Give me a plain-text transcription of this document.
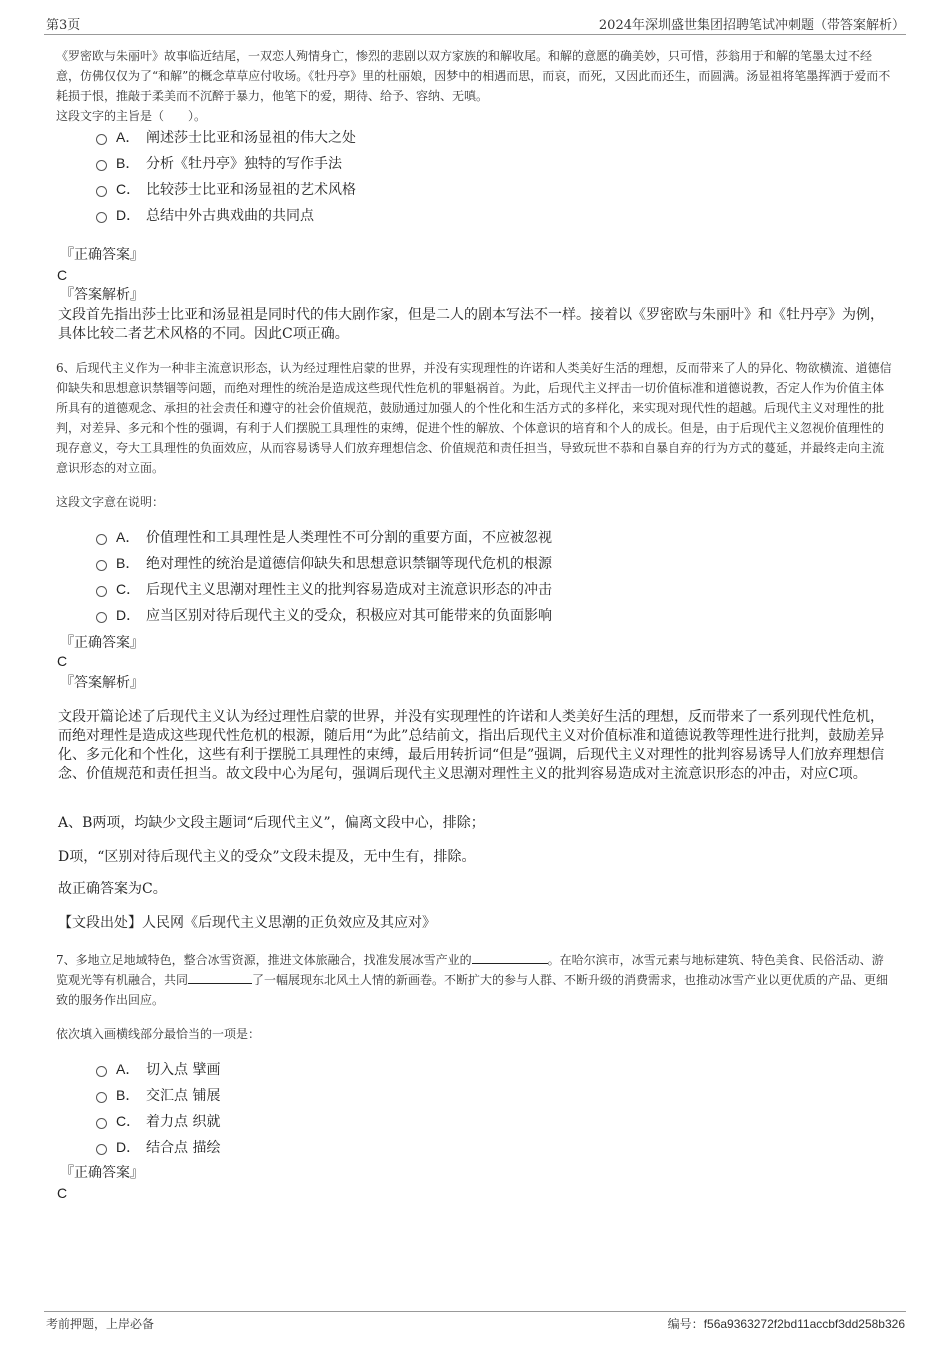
第3页	2024年深圳盛世集团招聘笔试冲刺题（带答案解析）
《罗密欧与朱丽叶》故事临近结尾，一双恋人殉情身亡，惨烈的悲剧以双方家族的和解收尾。和解的意愿的确美妙，只可惜，莎翁用于和解的笔墨太过不经意，仿佛仅仅为了“和解”的概念草草应付收场。《牡丹亭》里的杜丽娘，因梦中的相遇而思，而哀，而死，又因此而还生，而圆满。汤显祖将笔墨挥洒于爱而不耗损于恨，推敲于柔美而不沉醉于暴力，他笔下的爱，期待、给予、容纳、无嗔。
这段文字的主旨是（　　）。
A． 阐述莎士比亚和汤显祖的伟大之处
B． 分析《牡丹亭》独特的写作手法
C． 比较莎士比亚和汤显祖的艺术风格
D． 总结中外古典戏曲的共同点
『正确答案』
C
『答案解析』
文段首先指出莎士比亚和汤显祖是同时代的伟大剧作家，但是二人的剧本写法不一样。接着以《罗密欧与朱丽叶》和《牡丹亭》为例，具体比较二者艺术风格的不同。因此C项正确。
6、后现代主义作为一种非主流意识形态，认为经过理性启蒙的世界，并没有实现理性的许诺和人类美好生活的理想，反而带来了人的异化、物欲横流、道德信仰缺失和思想意识禁锢等问题，而绝对理性的统治是造成这些现代性危机的罪魁祸首。为此，后现代主义抨击一切价值标准和道德说教，否定人作为价值主体所具有的道德观念、承担的社会责任和遵守的社会价值规范，鼓励通过加强人的个性化和生活方式的多样化，来实现对现代性的超越。后现代主义对理性的批判，对差异、多元和个性的强调，有利于人们摆脱工具理性的束缚，促进个性的解放、个体意识的培育和个人的成长。但是，由于后现代主义忽视价值理性的现存意义，夸大工具理性的负面效应，从而容易诱导人们放弃理想信念、价值规范和责任担当，导致玩世不恭和自暴自弃的行为方式的蔓延，并最终走向主流意识形态的对立面。
这段文字意在说明：
A． 价值理性和工具理性是人类理性不可分割的重要方面，不应被忽视
B． 绝对理性的统治是道德信仰缺失和思想意识禁锢等现代危机的根源
C． 后现代主义思潮对理性主义的批判容易造成对主流意识形态的冲击
D． 应当区别对待后现代主义的受众，积极应对其可能带来的负面影响
『正确答案』
C
『答案解析』
文段开篇论述了后现代主义认为经过理性启蒙的世界，并没有实现理性的许诺和人类美好生活的理想，反而带来了一系列现代性危机，而绝对理性是造成这些现代性危机的根源，随后用“为此”总结前文，指出后现代主义对价值标准和道德说教等理性进行批判，鼓励差异化、多元化和个性化，这些有利于摆脱工具理性的束缚，最后用转折词“但是”强调，后现代主义对理性的批判容易诱导人们放弃理想信念、价值规范和责任担当。故文段中心为尾句，强调后现代主义思潮对理性主义的批判容易造成对主流意识形态的冲击，对应C项。
A、B两项，均缺少文段主题词“后现代主义”，偏离文段中心，排除；
D项，“区别对待后现代主义的受众”文段未提及，无中生有，排除。
故正确答案为C。
【文段出处】人民网《后现代主义思潮的正负效应及其应对》
7、多地立足地域特色，整合冰雪资源，推进文体旅融合，找准发展冰雪产业的	。在哈尔滨市，冰雪元素与地标建筑、特色美食、民俗活动、游览观光等有机融合，共同	了一幅展现东北风土人情的新画卷。不断扩大的参与人群、不断升级的消费需求，也推动冰雪产业以更优质的产品、更细致的服务作出回应。
依次填入画横线部分最恰当的一项是：
A． 切入点 擘画
B． 交汇点 铺展
C． 着力点 织就
D． 结合点 描绘
『正确答案』
C
考前押题，上岸必备	编号：f56a9363272f2bd11accbf3dd258b326
